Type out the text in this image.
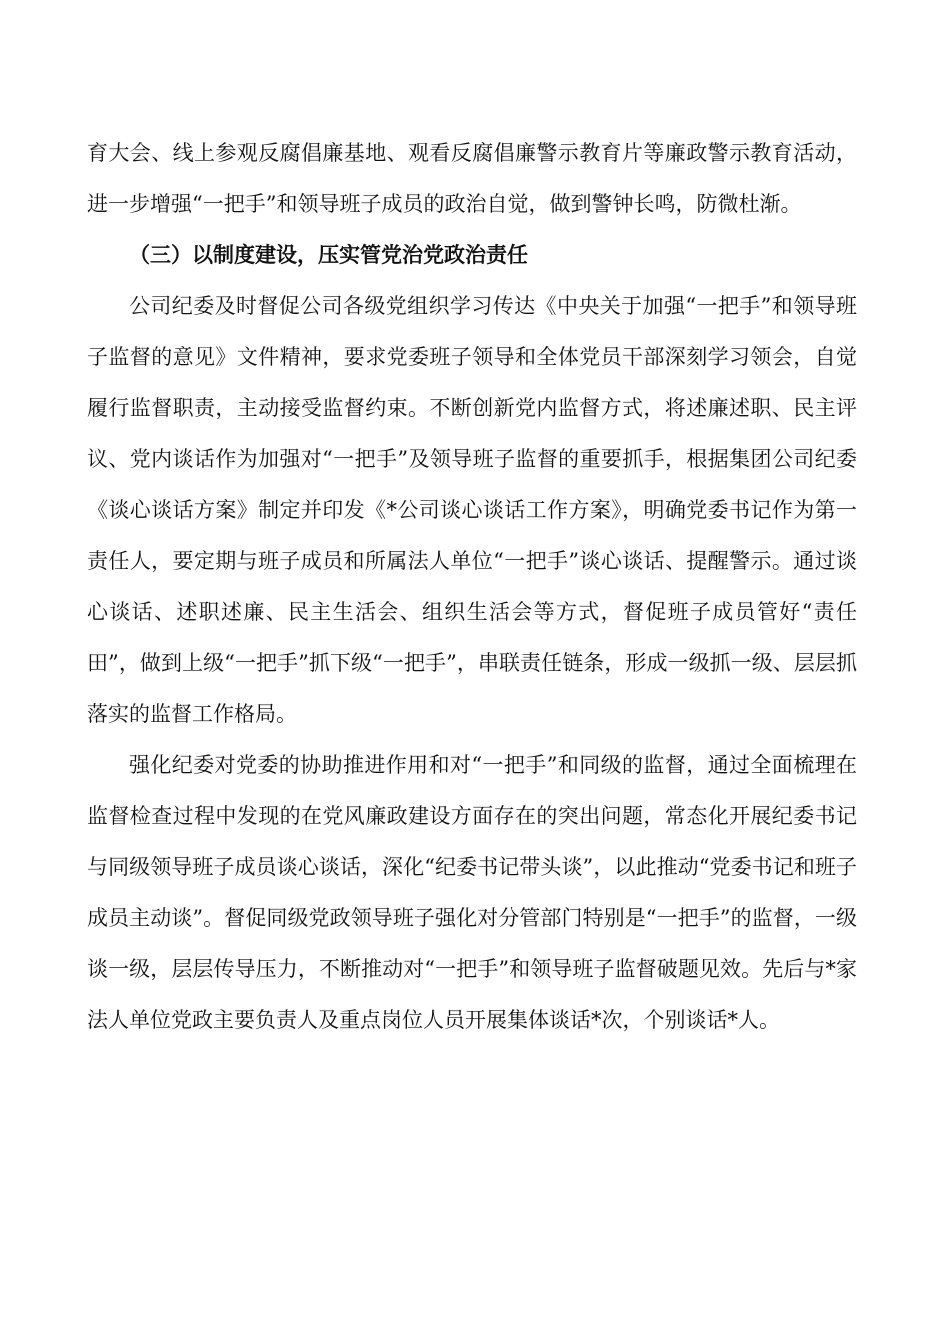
育大会、线上参观反腐倡廉基地、观看反腐倡廉警示教育片等廉政警示教育活动，进一步增强“一把手”和领导班子成员的政治自觉，做到警钟长鸣，防微杜渐。

（三）以制度建设，压实管党治党政治责任

公司纪委及时督促公司各级党组织学习传达《中央关于加强“一把手”和领导班子监督的意见》文件精神，要求党委班子领导和全体党员干部深刻学习领会，自觉履行监督职责，主动接受监督约束。不断创新党内监督方式，将述廉述职、民主评议、党内谈话作为加强对“一把手”及领导班子监督的重要抓手，根据集团公司纪委《谈心谈话方案》制定并印发《*公司谈心谈话工作方案》，明确党委书记作为第一责任人，要定期与班子成员和所属法人单位“一把手”谈心谈话、提醒警示。通过谈心谈话、述职述廉、民主生活会、组织生活会等方式，督促班子成员管好“责任田”，做到上级“一把手”抓下级“一把手”，串联责任链条，形成一级抓一级、层层抓落实的监督工作格局。

强化纪委对党委的协助推进作用和对“一把手”和同级的监督，通过全面梳理在监督检查过程中发现的在党风廉政建设方面存在的突出问题，常态化开展纪委书记与同级领导班子成员谈心谈话，深化“纪委书记带头谈”，以此推动“党委书记和班子成员主动谈”。督促同级党政领导班子强化对分管部门特别是“一把手”的监督，一级谈一级，层层传导压力，不断推动对“一把手”和领导班子监督破题见效。先后与*家法人单位党政主要负责人及重点岗位人员开展集体谈话*次，个别谈话*人。
